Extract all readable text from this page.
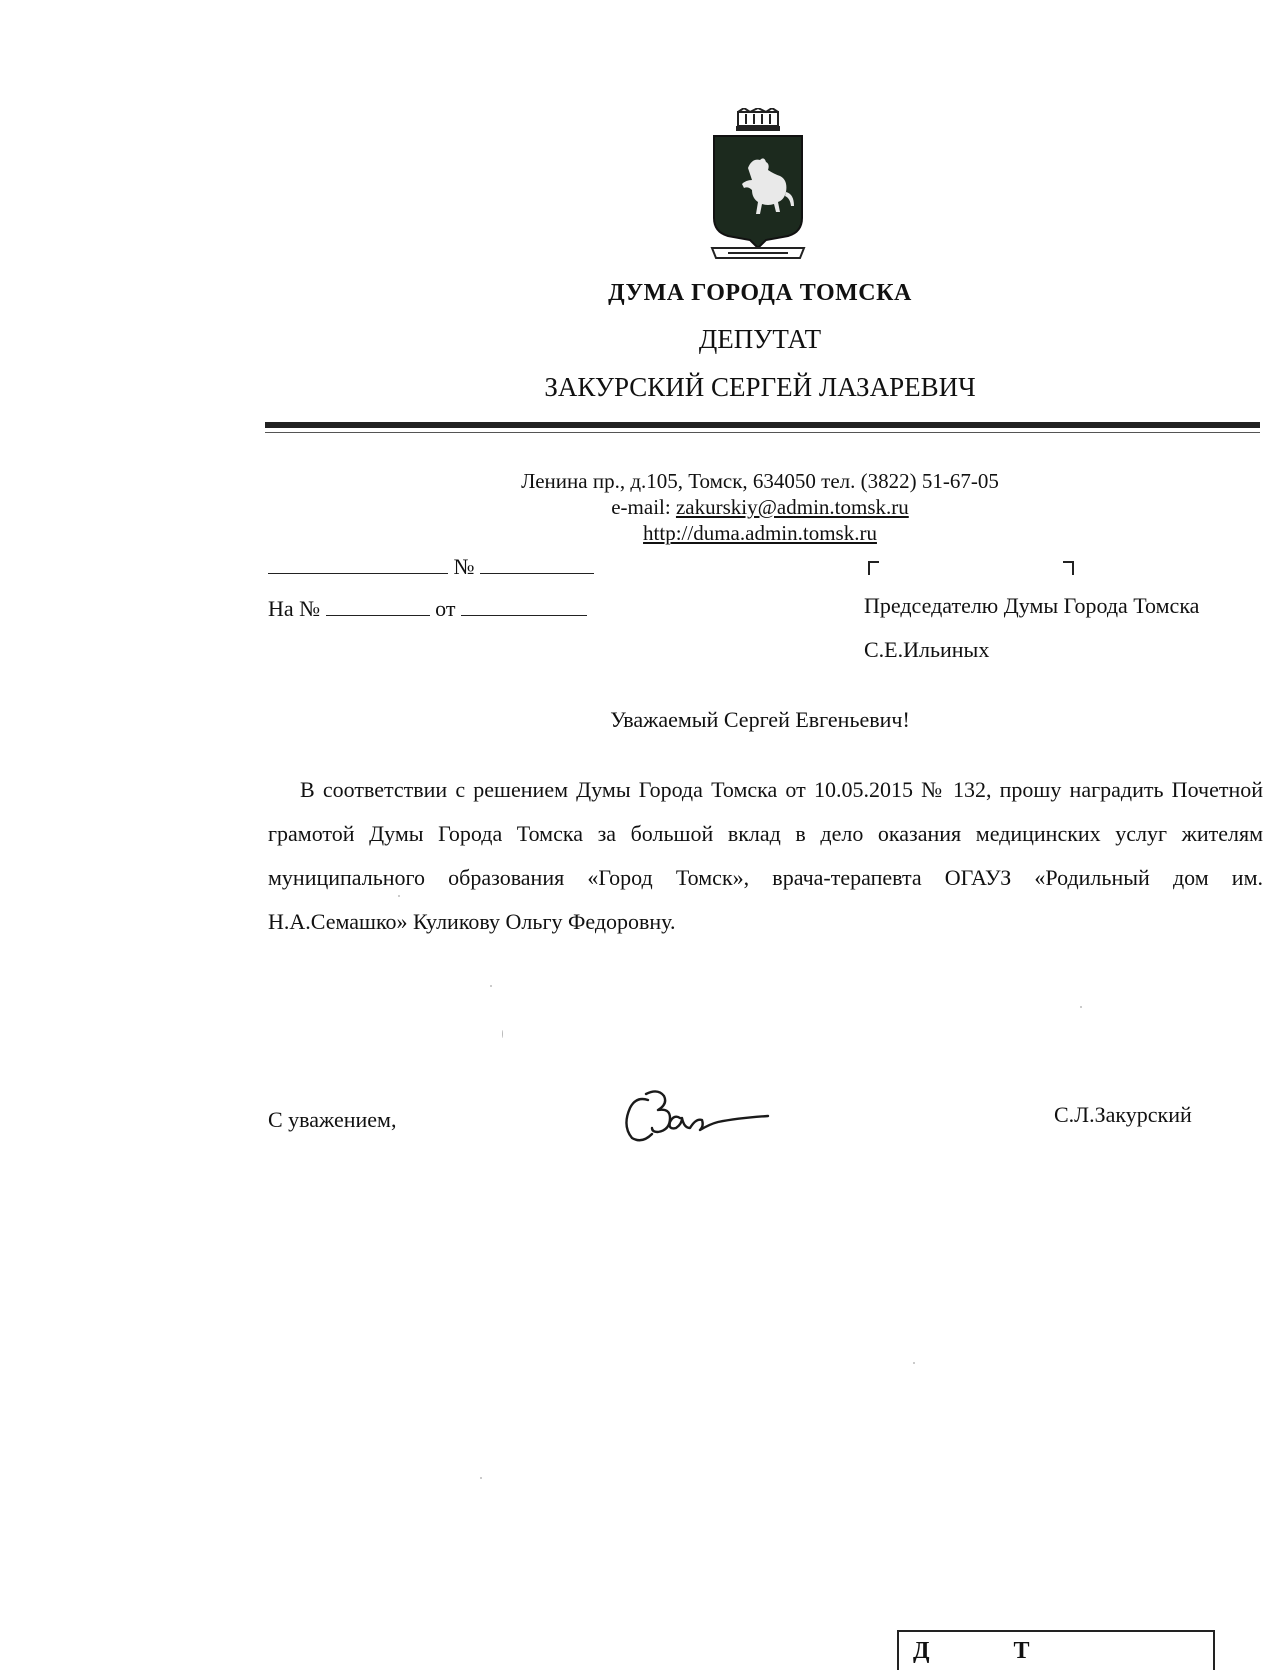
ДУМА ГОРОДА ТОМСКА
ДЕПУТАТ
ЗАКУРСКИЙ СЕРГЕЙ ЛАЗАРЕВИЧ
Ленина пр., д.105, Томск, 634050 тел. (3822) 51-67-05
e-mail: zakurskiy@admin.tomsk.ru
http://duma.admin.tomsk.ru
№
На №	от	Председателю Думы Города Томска
С.Е.Ильиных
Уважаемый Сергей Евгеньевич!
В соответствии с решением Думы Города Томска от 10.05.2015 № 132, прошу наградить Почетной грамотой Думы Города Томска за большой вклад в дело оказания медицинских услуг жителям муниципального образования «Город Томск», врача-терапевта ОГАУЗ «Родильный дом им. Н.А.Семашко» Куликову Ольгу Федоровну.
С уважением,	С.Л.Закурский
Д              Т
